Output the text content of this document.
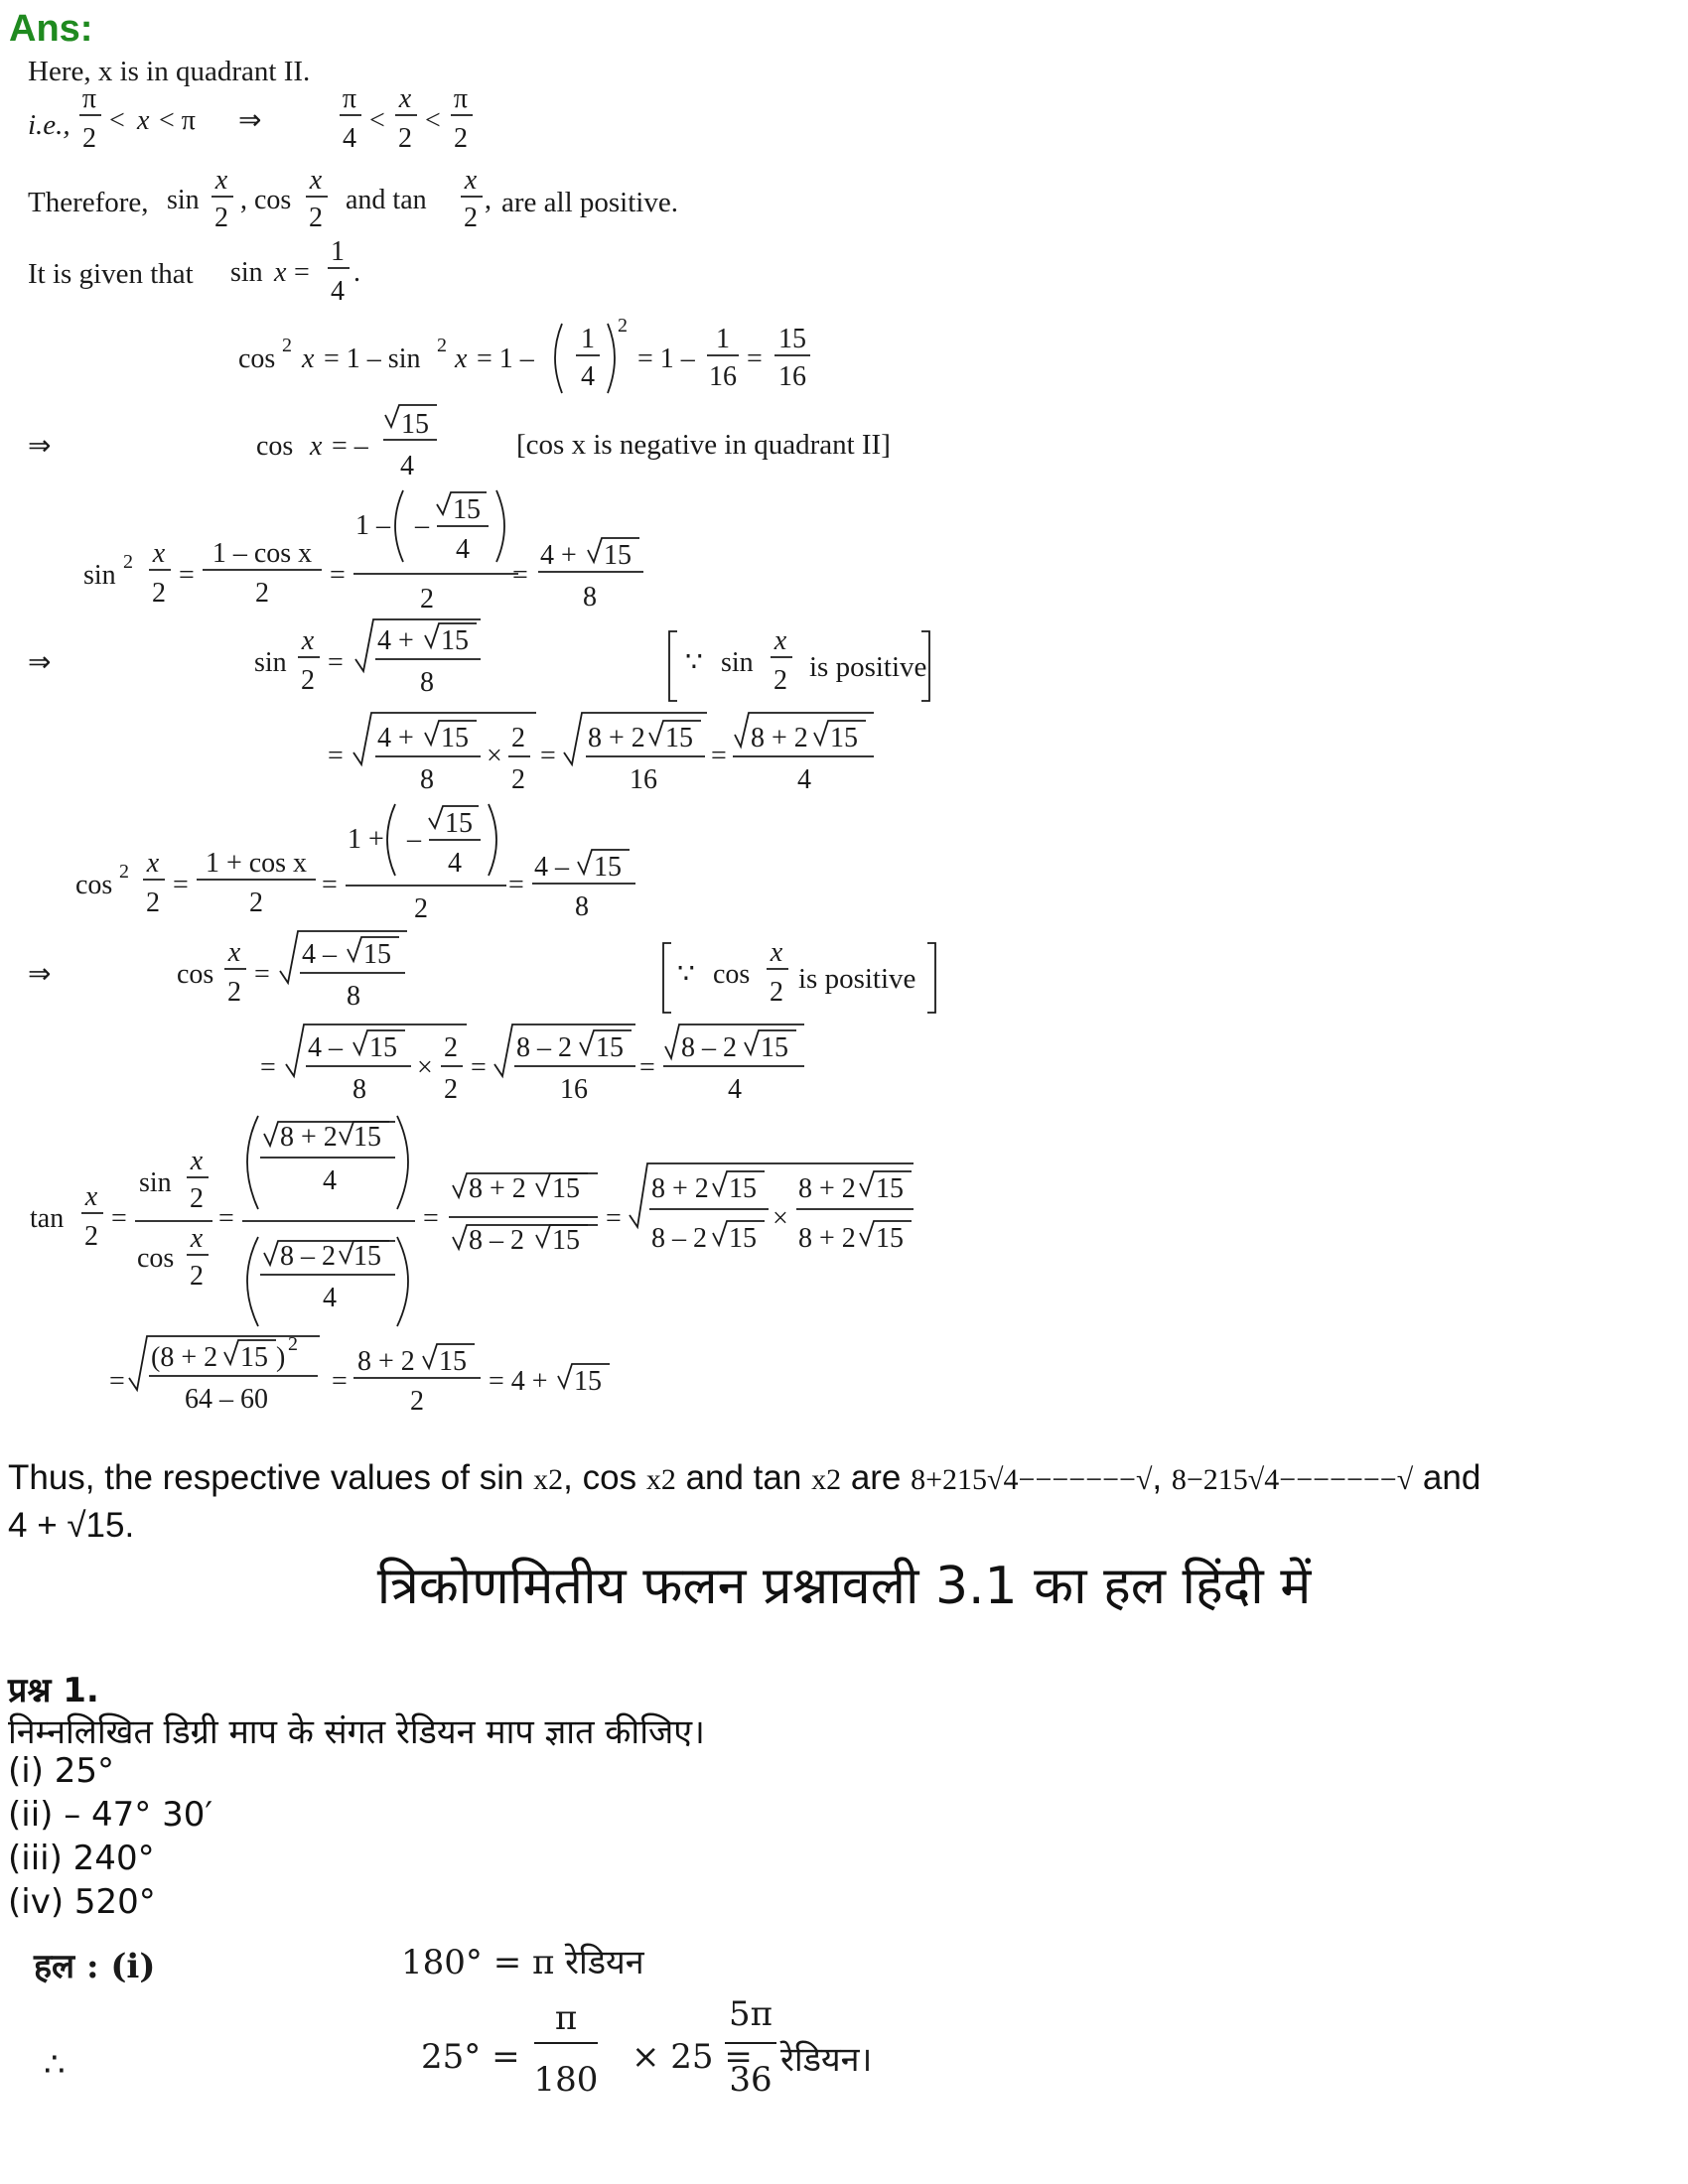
Ans:
Here, x is in quadrant II.
i.e.,
Therefore,	are all positive.
It is given that
[cos x is negative in quadrant II]
is positive
is positive
π
2
< x < π ⇒
π
4
<
x
2
<
π
2
sin
x
2
, cos
x
2
and tan
x
2
,
sin x =
1
4
.
cos 2 x = 1 – sin 2 x = 1 –
1
4
2
= 1 –
1
16
=
15
16
⇒	cos x = –
15
4
sin 2 x
2
=
1 – cos x
2
=
1 – –
15
4
2
=
4 + 15
8
⇒	sin
x
2
=
4 + 15
8
∵ sin
x
2
=
4 + 15
8
×
2
2
=
8 + 2 15
16
=
8 + 2 15
4
cos 2 x
2
=
1 + cos x
2
=
1 + –
15
4
2
=
4 – 15
8
⇒	cos
x
2
=
4 – 15
8
∵ cos
x
2
=
4 – 15
8
×
2
2
=
8 – 2 15
16
=
8 – 2 15
4
tan
x
2
=
sin
x
2
cos
x
2
=
8 + 2 15
4
8 – 2 15
4
=
8 + 2 15
8 – 2 15
=
8 + 2 15
8 – 2 15
×
8 + 2 15
8 + 2 15
=
(8 + 2 15 ) 2
64 – 60
=
8 + 2 15
2
= 4 + 15
Thus, the respective values of sin x2, cos x2 and tan x2 are 8+215√4−−−−−−−√, 8−215√4−−−−−−−√ and
4 + √15.
त्रिकोणमितीय फलन प्रश्नावली 3.1 का हल हिंदी में
प्रश्न 1.
निम्नलिखित डिग्री माप के संगत रेडियन माप ज्ञात कीजिए।
(i) 25°
(ii) – 47° 30′
(iii) 240°
(iv) 520°
हल : (i)	180° = π रेडियन
∴	25° =	× 25 = रेडियन।
π
180
5π
36
